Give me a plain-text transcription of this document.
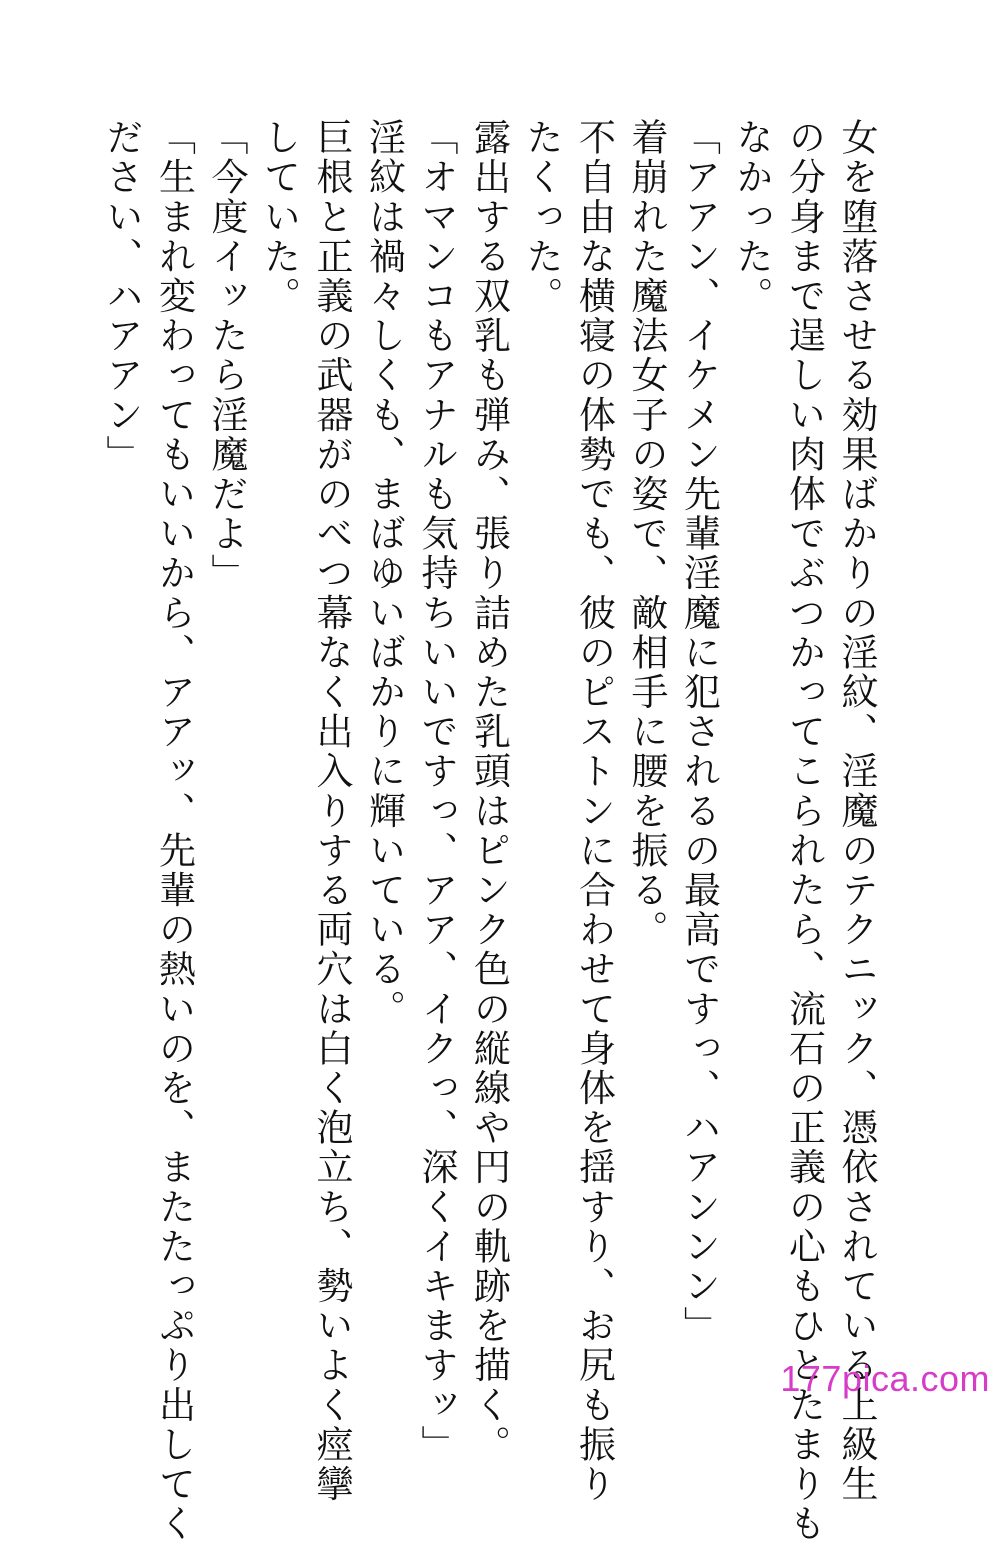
女を堕落させる効果ばかりの淫紋、淫魔のテクニック、憑依されている上級生

の分身まで逞しい肉体でぶつかってこられたら、流石の正義の心もひとたまりも

なかった。

「アアン、イケメン先輩淫魔に犯されるの最高ですっ、ハアンンン」

着崩れた魔法女子の姿で、敵相手に腰を振る。

不自由な横寝の体勢でも、彼のピストンに合わせて身体を揺すり、お尻も振り

たくった。

露出する双乳も弾み、張り詰めた乳頭はピンク色の縦線や円の軌跡を描く。

「オマンコもアナルも気持ちいいですっ、アア、イクっ、深くイキますッ」

淫紋は禍々しくも、まばゆいばかりに輝いている。

巨根と正義の武器がのべつ幕なく出入りする両穴は白く泡立ち、勢いよく痙攣

していた。

「今度イッたら淫魔だよ」

「生まれ変わってもいいから、アアッ、先輩の熱いのを、またたっぷり出してく

ださい、ハアアン」

177pica.com
